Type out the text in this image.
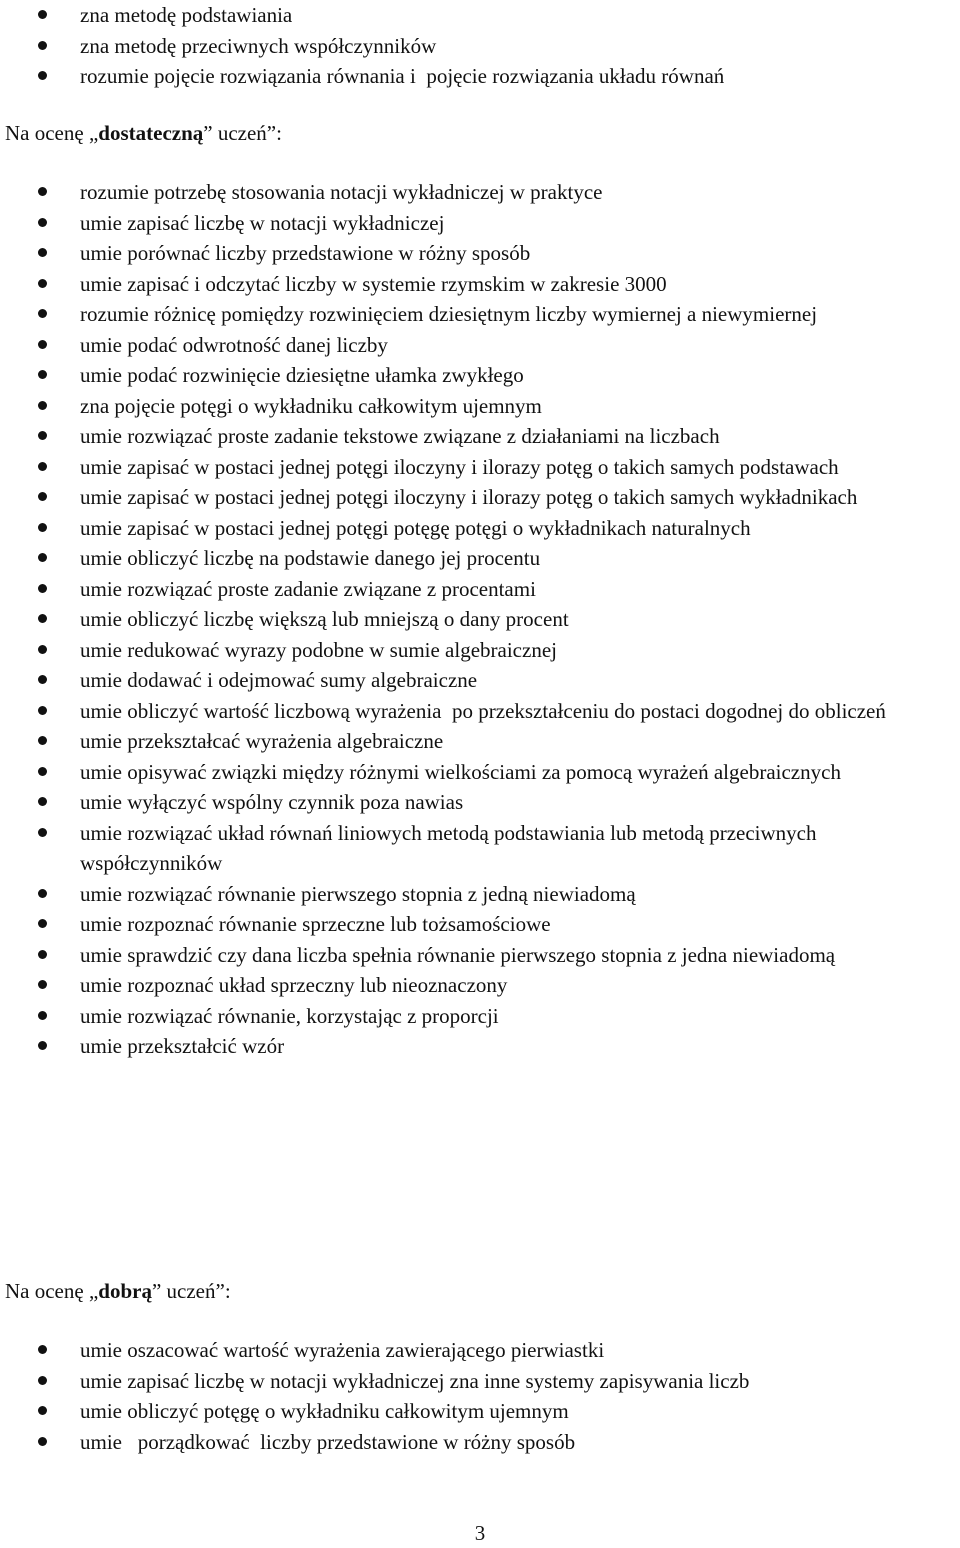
zna metodę podstawiania
zna metodę przeciwnych współczynników
rozumie pojęcie rozwiązania równania i  pojęcie rozwiązania układu równań
Na ocenę „dostateczną” uczeń”:
rozumie potrzebę stosowania notacji wykładniczej w praktyce
umie zapisać liczbę w notacji wykładniczej
umie porównać liczby przedstawione w różny sposób
umie zapisać i odczytać liczby w systemie rzymskim w zakresie 3000
rozumie różnicę pomiędzy rozwinięciem dziesiętnym liczby wymiernej a niewymiernej
umie podać odwrotność danej liczby
umie podać rozwinięcie dziesiętne ułamka zwykłego
zna pojęcie potęgi o wykładniku całkowitym ujemnym
umie rozwiązać proste zadanie tekstowe związane z działaniami na liczbach
umie zapisać w postaci jednej potęgi iloczyny i ilorazy potęg o takich samych podstawach
umie zapisać w postaci jednej potęgi iloczyny i ilorazy potęg o takich samych wykładnikach
umie zapisać w postaci jednej potęgi potęgę potęgi o wykładnikach naturalnych
umie obliczyć liczbę na podstawie danego jej procentu
umie rozwiązać proste zadanie związane z procentami
umie obliczyć liczbę większą lub mniejszą o dany procent
umie redukować wyrazy podobne w sumie algebraicznej
umie dodawać i odejmować sumy algebraiczne
umie obliczyć wartość liczbową wyrażenia  po przekształceniu do postaci dogodnej do obliczeń
umie przekształcać wyrażenia algebraiczne
umie opisywać związki między różnymi wielkościami za pomocą wyrażeń algebraicznych
umie wyłączyć wspólny czynnik poza nawias
umie rozwiązać układ równań liniowych metodą podstawiania lub metodą przeciwnych współczynników
umie rozwiązać równanie pierwszego stopnia z jedną niewiadomą
umie rozpoznać równanie sprzeczne lub tożsamościowe
umie sprawdzić czy dana liczba spełnia równanie pierwszego stopnia z jedna niewiadomą
umie rozpoznać układ sprzeczny lub nieoznaczony
umie rozwiązać równanie, korzystając z proporcji
umie przekształcić wzór
Na ocenę „dobrą” uczeń”:
umie oszacować wartość wyrażenia zawierającego pierwiastki
umie zapisać liczbę w notacji wykładniczej zna inne systemy zapisywania liczb
umie obliczyć potęgę o wykładniku całkowitym ujemnym
umie   porządkować  liczby przedstawione w różny sposób
3
